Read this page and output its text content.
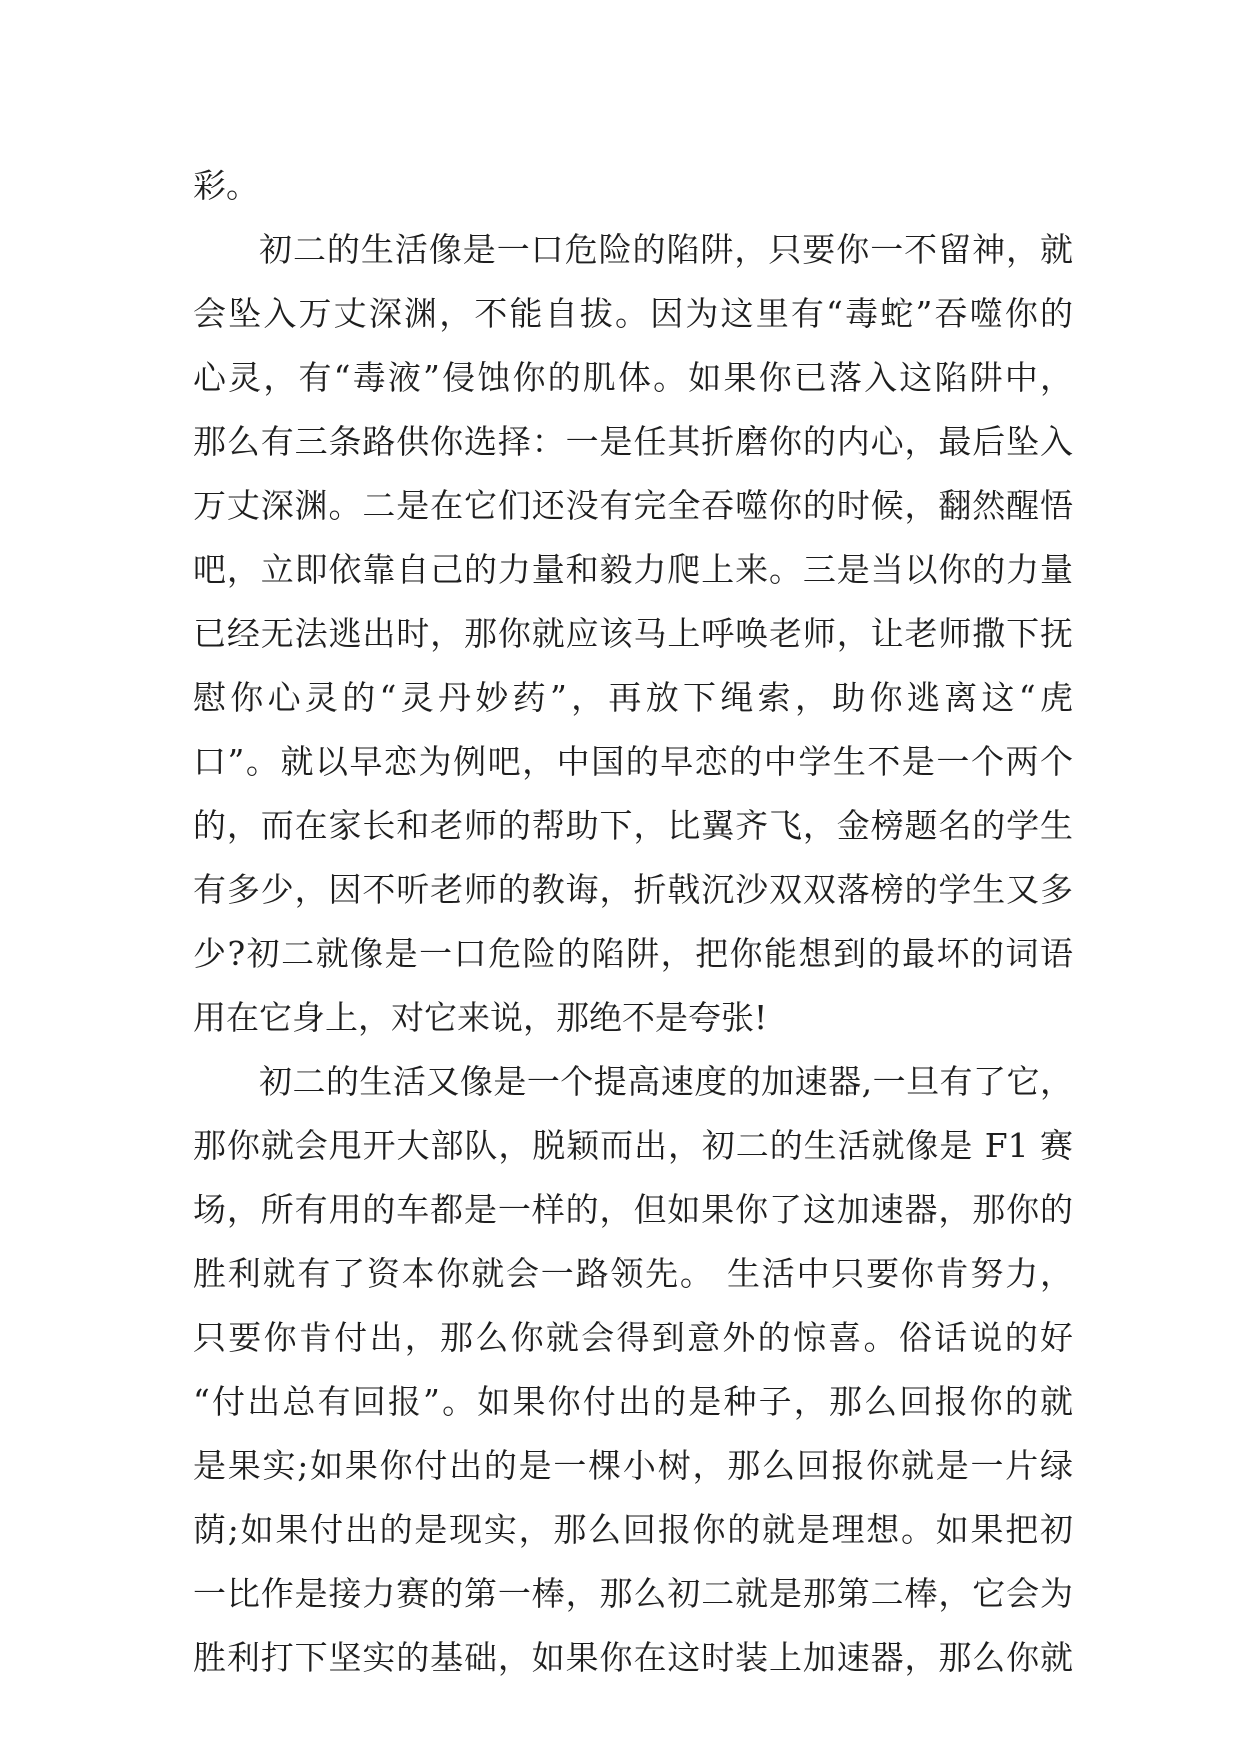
彩。
初二的生活像是一口危险的陷阱，只要你一不留神，就
会坠入万丈深渊，不能自拔。因为这里有“毒蛇”吞噬你的
心灵，有“毒液”侵蚀你的肌体。如果你已落入这陷阱中，
那么有三条路供你选择：一是任其折磨你的内心，最后坠入
万丈深渊。二是在它们还没有完全吞噬你的时候，翻然醒悟
吧，立即依靠自己的力量和毅力爬上来。三是当以你的力量
已经无法逃出时，那你就应该马上呼唤老师，让老师撒下抚
慰你心灵的“灵丹妙药”，再放下绳索，助你逃离这“虎
口”。就以早恋为例吧，中国的早恋的中学生不是一个两个
的，而在家长和老师的帮助下，比翼齐飞，金榜题名的学生
有多少，因不听老师的教诲，折戟沉沙双双落榜的学生又多
少?初二就像是一口危险的陷阱，把你能想到的最坏的词语
用在它身上，对它来说，那绝不是夸张!
初二的生活又像是一个提高速度的加速器,一旦有了它，
那你就会甩开大部队，脱颖而出，初二的生活就像是 F1 赛
场，所有用的车都是一样的，但如果你了这加速器，那你的
胜利就有了资本你就会一路领先。 生活中只要你肯努力，
只要你肯付出，那么你就会得到意外的惊喜。俗话说的好
“付出总有回报”。如果你付出的是种子，那么回报你的就
是果实;如果你付出的是一棵小树，那么回报你就是一片绿
荫;如果付出的是现实，那么回报你的就是理想。如果把初
一比作是接力赛的第一棒，那么初二就是那第二棒，它会为
胜利打下坚实的基础，如果你在这时装上加速器，那么你就
